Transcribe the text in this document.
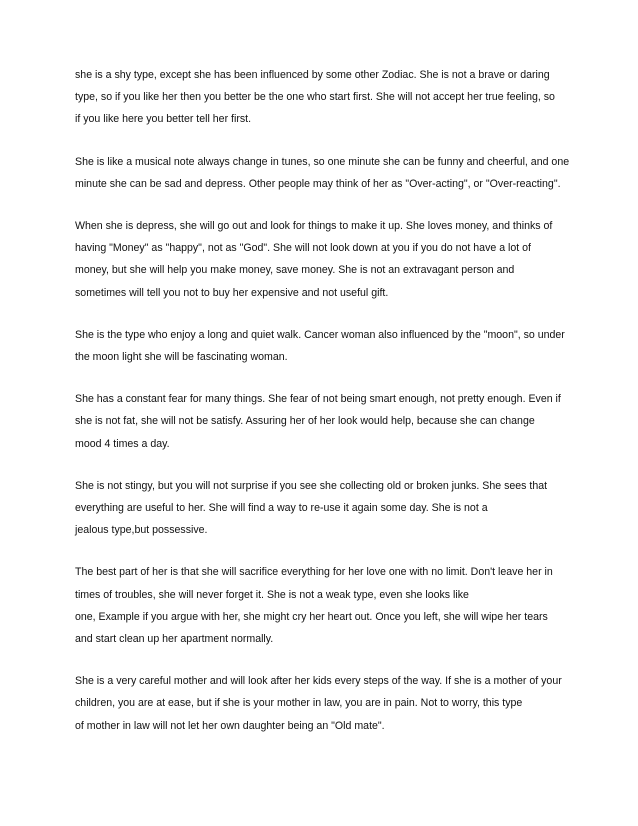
she is a shy type, except she has been influenced by some other Zodiac. She is not a brave or daring
type, so if you like her then you better be the one who start first. She will not accept her true feeling, so
if you like here you better tell her first.
She is like a musical note always change in tunes, so one minute she can be funny and cheerful, and one
minute she can be sad and depress. Other people may think of her as "Over-acting", or "Over-reacting".
When she is depress, she will go out and look for things to make it up. She loves money, and thinks of
having "Money" as "happy", not as "God". She will not look down at you if you do not have a lot of
money, but she will help you make money, save money. She is not an extravagant person and
sometimes will tell you not to buy her expensive and not useful gift.
She is the type who enjoy a long and quiet walk. Cancer woman also influenced by the "moon", so under
the moon light she will be fascinating woman.
She has a constant fear for many things. She fear of not being smart enough, not pretty enough. Even if
she is not fat, she will not be satisfy. Assuring her of her look would help, because she can change
mood 4 times a day.
She is not stingy, but you will not surprise if you see she collecting old or broken junks. She sees that
everything are useful to her. She will find a way to re-use it again some day. She is not a
jealous type,but possessive.
The best part of her is that she will sacrifice everything for her love one with no limit. Don't leave her in
times of troubles, she will never forget it. She is not a weak type, even she looks like
one, Example if you argue with her, she might cry her heart out. Once you left, she will wipe her tears
and start clean up her apartment normally.
She is a very careful mother and will look after her kids every steps of the way. If she is a mother of your
children, you are at ease, but if she is your mother in law, you are in pain. Not to worry, this type
of mother in law will not let her own daughter being an "Old mate".
